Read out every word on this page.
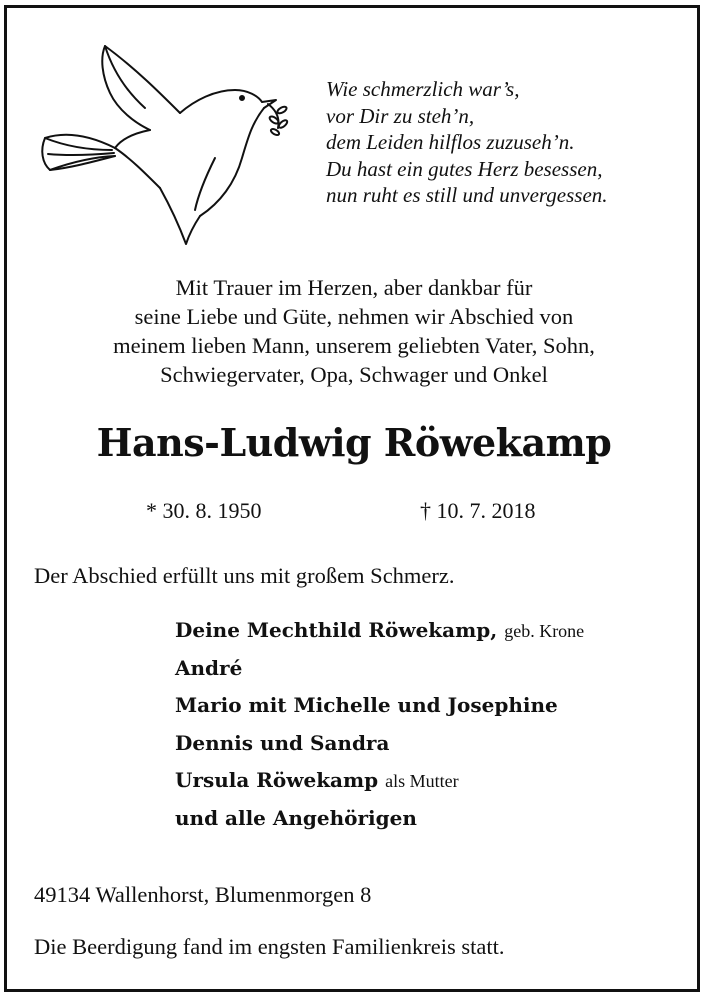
Wie schmerzlich war’s,
vor Dir zu steh’n,
dem Leiden hilflos zuzuseh’n.
Du hast ein gutes Herz besessen,
nun ruht es still und unvergessen.
Mit Trauer im Herzen, aber dankbar für
seine Liebe und Güte, nehmen wir Abschied von
meinem lieben Mann, unserem geliebten Vater, Sohn,
Schwiegervater, Opa, Schwager und Onkel
Hans-Ludwig Röwekamp
* 30. 8. 1950	† 10. 7. 2018
Der Abschied erfüllt uns mit großem Schmerz.
Deine Mechthild Röwekamp, geb. Krone
André
Mario mit Michelle und Josephine
Dennis und Sandra
Ursula Röwekamp als Mutter
und alle Angehörigen
49134 Wallenhorst, Blumenmorgen 8
Die Beerdigung fand im engsten Familienkreis statt.
